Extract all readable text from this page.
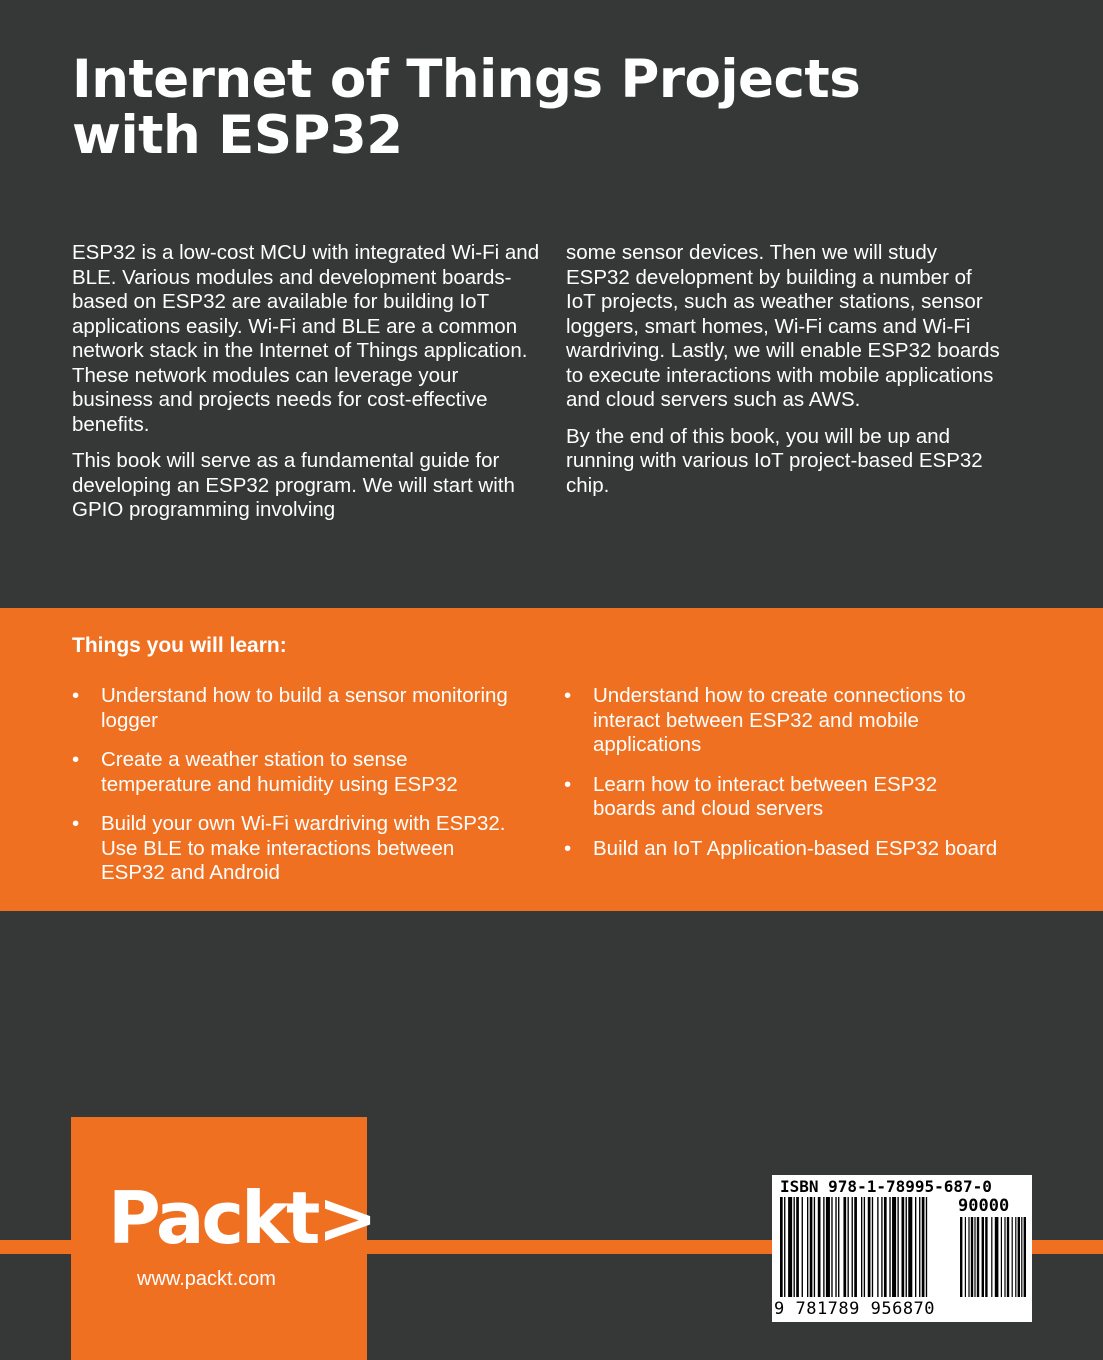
Internet of Things Projects
with ESP32

ESP32 is a low-cost MCU with integrated Wi-Fi and BLE. Various modules and development boards-based on ESP32 are available for building IoT applications easily. Wi-Fi and BLE are a common network stack in the Internet of Things application. These network modules can leverage your business and projects needs for cost-effective benefits.

This book will serve as a fundamental guide for developing an ESP32 program. We will start with GPIO programming involving

some sensor devices. Then we will study ESP32 development by building a number of IoT projects, such as weather stations, sensor loggers, smart homes, Wi-Fi cams and Wi-Fi wardriving. Lastly, we will enable ESP32 boards to execute interactions with mobile applications and cloud servers such as AWS.

By the end of this book, you will be up and running with various IoT project-based ESP32 chip.

Things you will learn:
• Understand how to build a sensor monitoring logger
• Create a weather station to sense temperature and humidity using ESP32
• Build your own Wi-Fi wardriving with ESP32. Use BLE to make interactions between ESP32 and Android
• Understand how to create connections to interact between ESP32 and mobile applications
• Learn how to interact between ESP32 boards and cloud servers
• Build an IoT Application-based ESP32 board
Packt>
www.packt.com
ISBN 978-1-78995-687-0
90000
9 781789 956870
